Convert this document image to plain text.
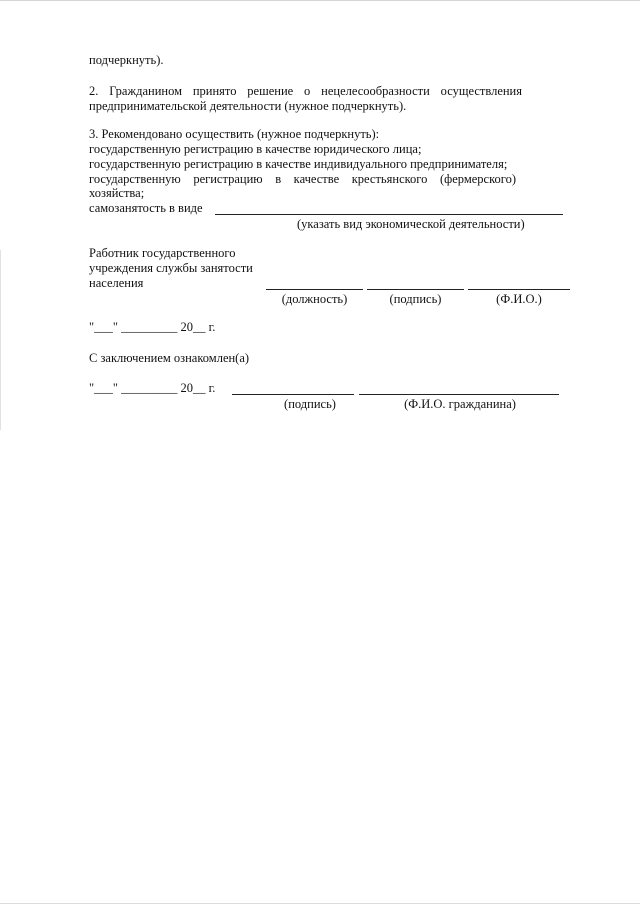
подчеркнуть).
2. Гражданином принято решение о нецелесообразности осуществления
предпринимательской деятельности (нужное подчеркнуть).
3. Рекомендовано осуществить (нужное подчеркнуть):
государственную регистрацию в качестве юридического лица;
государственную регистрацию в качестве индивидуального предпринимателя;
государственную регистрацию в качестве крестьянского (фермерского)
хозяйства;
самозанятость в виде
(указать вид экономической деятельности)
Работник государственного
учреждения службы занятости
населения
(должность)	(подпись)	(Ф.И.О.)
"___" _________ 20__ г.
С заключением ознакомлен(а)
"___" _________ 20__ г.
(подпись)	(Ф.И.О. гражданина)
